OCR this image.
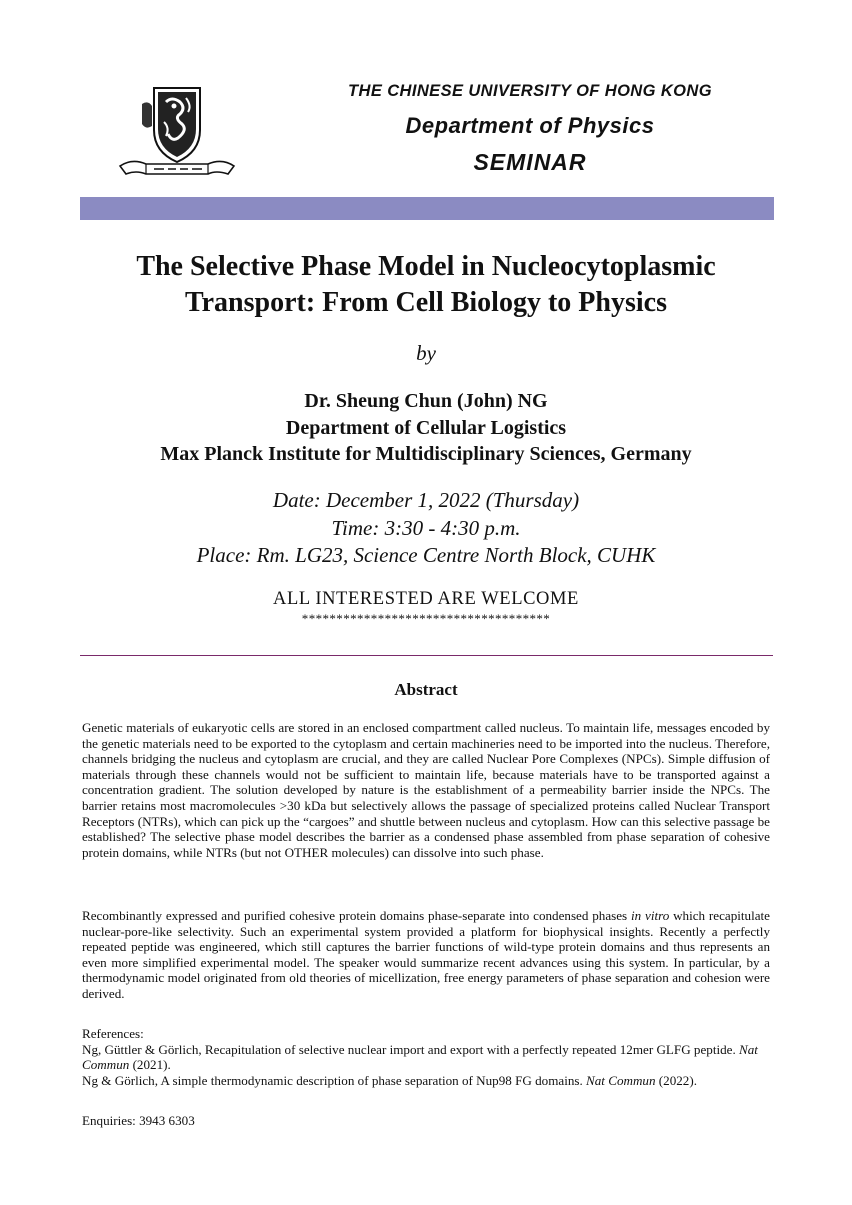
THE CHINESE UNIVERSITY OF HONG KONG
Department of Physics
SEMINAR
The Selective Phase Model in Nucleocytoplasmic
Transport: From Cell Biology to Physics
by
Dr. Sheung Chun (John) NG
Department of Cellular Logistics
Max Planck Institute for Multidisciplinary Sciences, Germany
Date: December 1, 2022 (Thursday)
Time: 3:30 - 4:30 p.m.
Place: Rm. LG23, Science Centre North Block, CUHK
ALL INTERESTED ARE WELCOME
************************************
Abstract

Genetic materials of eukaryotic cells are stored in an enclosed compartment called nucleus. To maintain life, messages encoded by the genetic materials need to be exported to the cytoplasm and certain machineries need to be imported into the nucleus. Therefore, channels bridging the nucleus and cytoplasm are crucial, and they are called Nuclear Pore Complexes (NPCs). Simple diffusion of materials through these channels would not be sufficient to maintain life, because materials have to be transported against a concentration gradient. The solution developed by nature is the establishment of a permeability barrier inside the NPCs. The barrier retains most macromolecules >30 kDa but selectively allows the passage of specialized proteins called Nuclear Transport Receptors (NTRs), which can pick up the “cargoes” and shuttle between nucleus and cytoplasm. How can this selective passage be established? The selective phase model describes the barrier as a condensed phase assembled from phase separation of cohesive protein domains, while NTRs (but not OTHER molecules) can dissolve into such phase.

Recombinantly expressed and purified cohesive protein domains phase-separate into condensed phases in vitro which recapitulate nuclear-pore-like selectivity. Such an experimental system provided a platform for biophysical insights. Recently a perfectly repeated peptide was engineered, which still captures the barrier functions of wild-type protein domains and thus represents an even more simplified experimental model. The speaker would summarize recent advances using this system. In particular, by a thermodynamic model originated from old theories of micellization, free energy parameters of phase separation and cohesion were derived.

References:
Ng, Güttler & Görlich, Recapitulation of selective nuclear import and export with a perfectly repeated 12mer GLFG peptide. Nat Commun (2021).
Ng & Görlich, A simple thermodynamic description of phase separation of Nup98 FG domains. Nat Commun (2022).
Enquiries: 3943 6303
